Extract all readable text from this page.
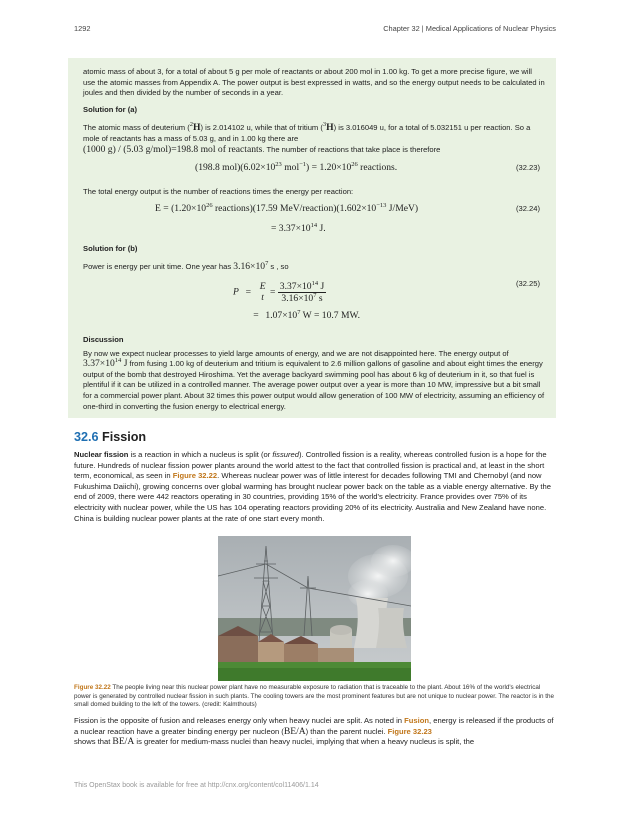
1292	Chapter 32 | Medical Applications of Nuclear Physics

atomic mass of about 3, for a total of about 5 g per mole of reactants or about 200 mol in 1.00 kg. To get a more precise figure, we will use the atomic masses from Appendix A. The power output is best expressed in watts, and so the energy output needs to be calculated in joules and then divided by the number of seconds in a year.

Solution for (a)

The atomic mass of deuterium ($^2$H) is 2.014102 u, while that of tritium ($^3$H) is 3.016049 u, for a total of 5.032151 u per reaction. So a mole of reactants has a mass of 5.03 g, and in 1.00 kg there are
(1000 g) / (5.03 g/mol)=198.8 mol of reactants. The number of reactions that take place is therefore

(198.8 $mol)(6.02\times 10^{23}$ $mol^{-1}) = 1.20\times 10^{26}$ reactions.	(32.23)

The total energy output is the number of reactions times the energy per reaction:

$E = (1.20\times 10^{26}$ reactions)(17.59 MeV/$reaction)(1.602\times 10^{-13}$ J/MeV)
= $3.37\times 10^{14}$ J.
(32.24)

Solution for (b)

Power is energy per unit time. One year has $3.16\times 10^7$ s , so

P =
E
$t = \frac{3.37\times 10^{14} J}{3.16\times 10^7 s}$
= $1.07\times 10^7$ W = 10.7 MW.
(32.25)

Discussion

By now we expect nuclear processes to yield large amounts of energy, and we are not disappointed here. The energy output of $3.37\times 10^{14}$ J from fusing 1.00 kg of deuterium and tritium is equivalent to 2.6 million gallons of gasoline and about eight times the energy output of the bomb that destroyed Hiroshima. Yet the average backyard swimming pool has about 6 kg of deuterium in it, so that fuel is plentiful if it can be utilized in a controlled manner. The average power output over a year is more than 10 MW, impressive but a bit small for a commercial power plant. About 32 times this power output would allow generation of 100 MW of electricity, assuming an efficiency of one-third in converting the fusion energy to electrical energy.

32.6 Fission

Nuclear fission is a reaction in which a nucleus is split (or fissured). Controlled fission is a reality, whereas controlled fusion is a hope for the future. Hundreds of nuclear fission power plants around the world attest to the fact that controlled fission is practical and, at least in the short term, economical, as seen in Figure 32.22. Whereas nuclear power was of little interest for decades following TMI and Chernobyl (and now Fukushima Daiichi), growing concerns over global warming has brought nuclear power back on the table as a viable energy alternative. By the end of 2009, there were 442 reactors operating in 30 countries, providing 15% of the world's electricity. France provides over 75% of its electricity with nuclear power, while the US has 104 operating reactors providing 20% of its electricity. Australia and New Zealand have none. China is building nuclear power plants at the rate of one start every month.

Figure 32.22 The people living near this nuclear power plant have no measurable exposure to radiation that is traceable to the plant. About 16% of the world's electrical power is generated by controlled nuclear fission in such plants. The cooling towers are the most prominent features but are not unique to nuclear power. The reactor is in the small domed building to the left of the towers. (credit: Kalmthouts)

Fission is the opposite of fusion and releases energy only when heavy nuclei are split. As noted in Fusion, energy is released if the products of a nuclear reaction have a greater binding energy per nucleon (BE/A) than the parent nuclei. Figure 32.23
shows that BE/A is greater for medium-mass nuclei than heavy nuclei, implying that when a heavy nucleus is split, the

This OpenStax book is available for free at http://cnx.org/content/col11406/1.14
